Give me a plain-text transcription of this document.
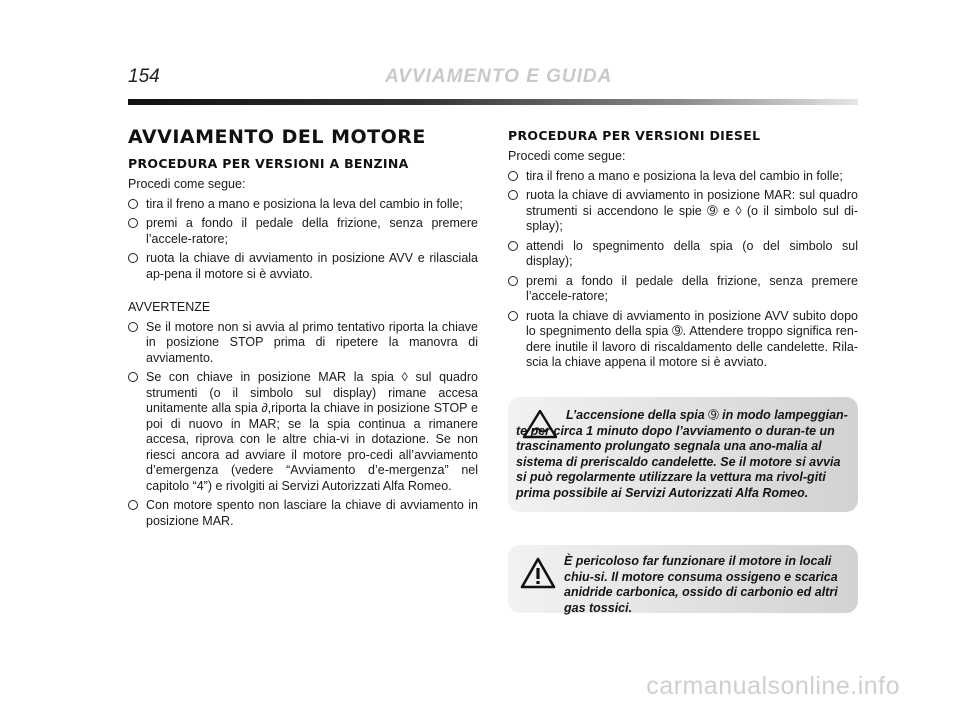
154	AVVIAMENTO E GUIDA
AVVIAMENTO DEL MOTORE
PROCEDURA PER VERSIONI A BENZINA
Procedi come segue:
tira il freno a mano e posiziona la leva del cambio in folle;
premi a fondo il pedale della frizione, senza premere l’accele-ratore;
ruota la chiave di avviamento in posizione AVV e rilasciala ap-pena il motore si è avviato.
AVVERTENZE
Se il motore non si avvia al primo tentativo riporta la chiave in posizione STOP prima di ripetere la manovra di avviamento.
Se con chiave in posizione MAR la spia ◊ sul quadro strumenti (o il simbolo sul display) rimane accesa unitamente alla spia ∂,riporta la chiave in posizione STOP e poi di nuovo in MAR; se la spia continua a rimanere accesa, riprova con le altre chia-vi in dotazione. Se non riesci ancora ad avviare il motore pro-cedi all’avviamento d’emergenza (vedere “Avviamento d’e-mergenza” nel capitolo “4”) e rivolgiti ai Servizi Autorizzati Alfa Romeo.
Con motore spento non lasciare la chiave di avviamento in posizione MAR.
PROCEDURA PER VERSIONI DIESEL
Procedi come segue:
tira il freno a mano e posiziona la leva del cambio in folle;
ruota la chiave di avviamento in posizione MAR: sul quadro strumenti si accendono le spie ➈ e ◊ (o il simbolo sul di-splay);
attendi lo spegnimento della spia (o del simbolo sul display);
premi a fondo il pedale della frizione, senza premere l’accele-ratore;
ruota la chiave di avviamento in posizione AVV subito dopo lo spegnimento della spia ➈. Attendere troppo significa ren-dere inutile il lavoro di riscaldamento delle candelette. Rila-scia la chiave appena il motore si è avviato.
L’accensione della spia ➈ in modo lampeggian-te per circa 1 minuto dopo l’avviamento o duran-te un trascinamento prolungato segnala una ano-malia al sistema di preriscaldo candelette. Se il motore si avvia si può regolarmente utilizzare la vettura ma rivol-giti prima possibile ai Servizi Autorizzati Alfa Romeo.
È pericoloso far funzionare il motore in locali chiu-si. Il motore consuma ossigeno e scarica anidride carbonica, ossido di carbonio ed altri gas tossici.
carmanualsonline.info
